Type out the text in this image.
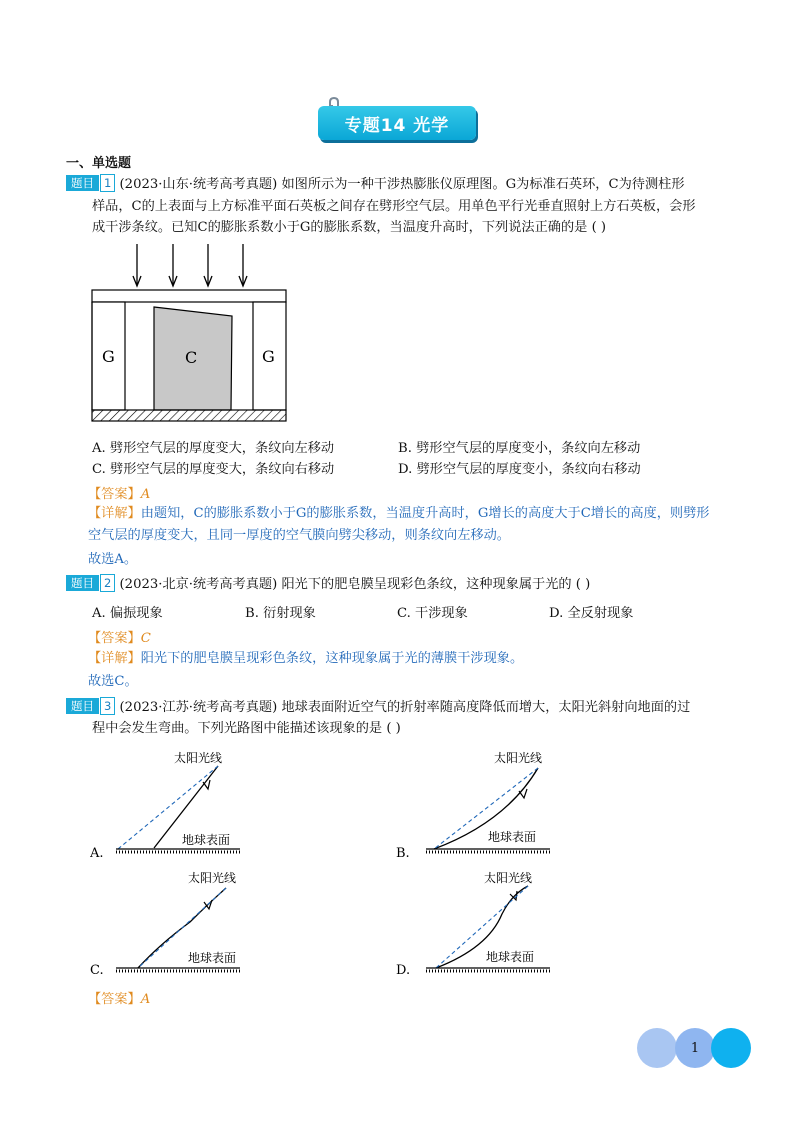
专题14 光学
一、单选题
题目 1 (2023·山东·统考高考真题) 如图所示为一种干涉热膨胀仪原理图。G为标准石英环，C为待测柱形
样品，C的上表面与上方标准平面石英板之间存在劈形空气层。用单色平行光垂直照射上方石英板，会形
成干涉条纹。已知C的膨胀系数小于G的膨胀系数，当温度升高时，下列说法正确的是 ( )
G	C	G
A. 劈形空气层的厚度变大，条纹向左移动	B. 劈形空气层的厚度变小，条纹向左移动
C. 劈形空气层的厚度变大，条纹向右移动	D. 劈形空气层的厚度变小，条纹向右移动
【答案】A
【详解】由题知，C的膨胀系数小于G的膨胀系数，当温度升高时，G增长的高度大于C增长的高度，则劈形
空气层的厚度变大，且同一厚度的空气膜向劈尖移动，则条纹向左移动。
故选A。
题目 2 (2023·北京·统考高考真题) 阳光下的肥皂膜呈现彩色条纹，这种现象属于光的 ( )
A. 偏振现象	B. 衍射现象	C. 干涉现象	D. 全反射现象
【答案】C
【详解】阳光下的肥皂膜呈现彩色条纹，这种现象属于光的薄膜干涉现象。
故选C。
题目 3 (2023·江苏·统考高考真题) 地球表面附近空气的折射率随高度降低而增大，太阳光斜射向地面的过
程中会发生弯曲。下列光路图中能描述该现象的是 ( )
太阳光线
地球表面
A.
太阳光线
地球表面
B.
太阳光线
地球表面
C.
太阳光线
地球表面
D.
【答案】A
1
